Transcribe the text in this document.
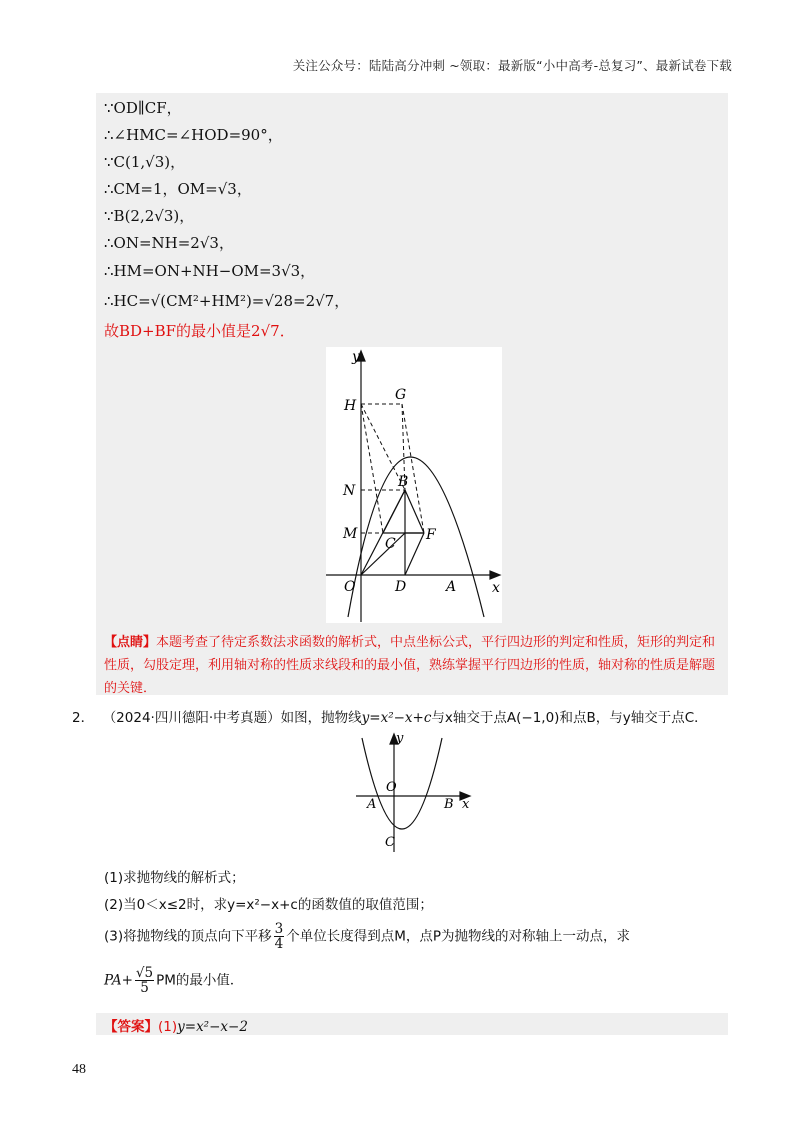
关注公众号：陆陆高分冲刺 ~领取：最新版“小中高考-总复习”、最新试卷下载
∵OD∥CF，
∴∠HMC=∠HOD=90°，
∵C(1,√3)，
∴CM=1，OM=√3，
∵B(2,2√3)，
∴ON=NH=2√3，
∴HM=ON+NH−OM=3√3，
∴HC=√(CM²+HM²)=√28=2√7，
故BD+BF的最小值是2√7．
y
x
H
G
N
B
M
C
F
O	D	A
【点睛】本题考查了待定系数法求函数的解析式，中点坐标公式，平行四边形的判定和性质，矩形的判定和性质，勾股定理，利用轴对称的性质求线段和的最小值，熟练掌握平行四边形的性质，轴对称的性质是解题的关键．
2． （2024·四川德阳·中考真题）如图，抛物线y=x²−x+c与x轴交于点A(−1,0)和点B，与y轴交于点C．
y
x
O
A	B
C
(1)求抛物线的解析式；
(2)当0＜x≤2时，求y=x²−x+c的函数值的取值范围；
(3)将抛物线的顶点向下平移 $\frac{3}{4}$ 个单位长度得到点M，点P为抛物线的对称轴上一动点，求
$PA+ \frac{√5}{5}$ PM的最小值．
【答案】(1)y=x²−x−2
48
